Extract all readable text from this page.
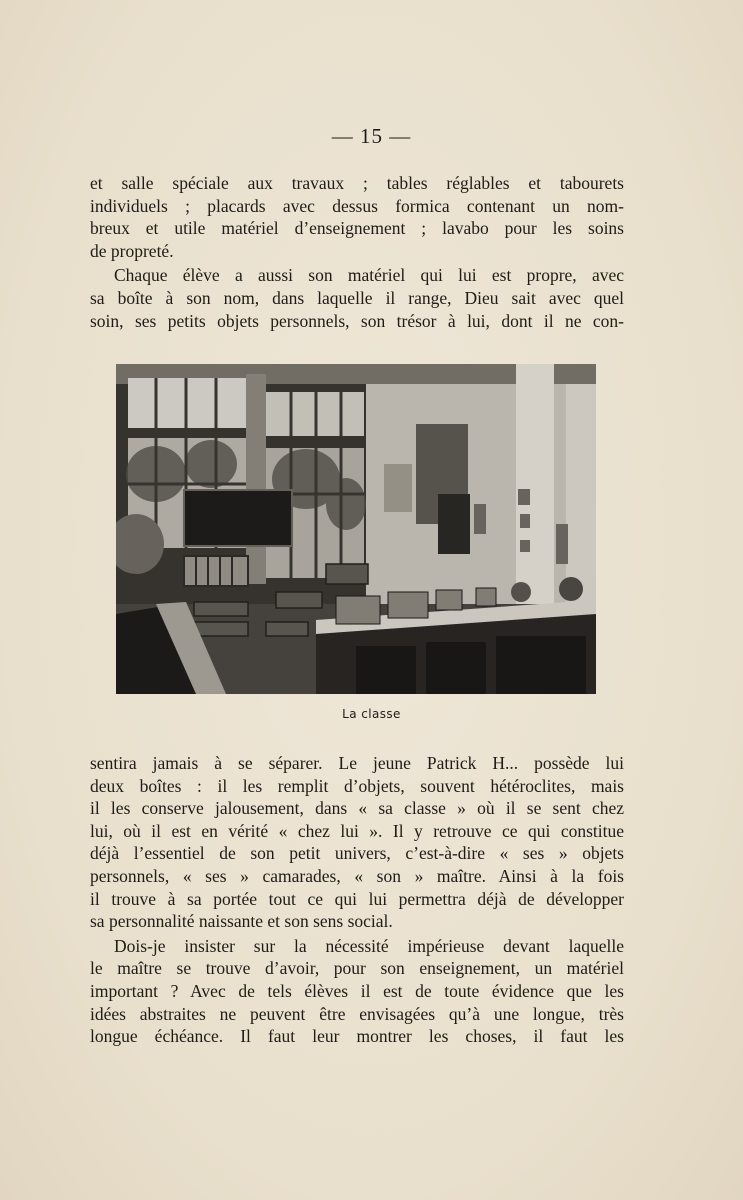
— 15 —

et salle spéciale aux travaux ; tables réglables et tabourets
individuels ; placards avec dessus formica contenant un nom-
breux et utile matériel d’enseignement ; lavabo pour les soins
de propreté.

Chaque élève a aussi son matériel qui lui est propre, avec
sa boîte à son nom, dans laquelle il range, Dieu sait avec quel
soin, ses petits objets personnels, son trésor à lui, dont il ne con-

La classe

sentira jamais à se séparer. Le jeune Patrick H... possède lui
deux boîtes : il les remplit d’objets, souvent hétéroclites, mais
il les conserve jalousement, dans « sa classe » où il se sent chez
lui, où il est en vérité « chez lui ». Il y retrouve ce qui constitue
déjà l’essentiel de son petit univers, c’est-à-dire « ses » objets
personnels, « ses » camarades, « son » maître. Ainsi à la fois
il trouve à sa portée tout ce qui lui permettra déjà de développer
sa personnalité naissante et son sens social.

Dois-je insister sur la nécessité impérieuse devant laquelle
le maître se trouve d’avoir, pour son enseignement, un matériel
important ? Avec de tels élèves il est de toute évidence que les
idées abstraites ne peuvent être envisagées qu’à une longue, très
longue échéance. Il faut leur montrer les choses, il faut les
